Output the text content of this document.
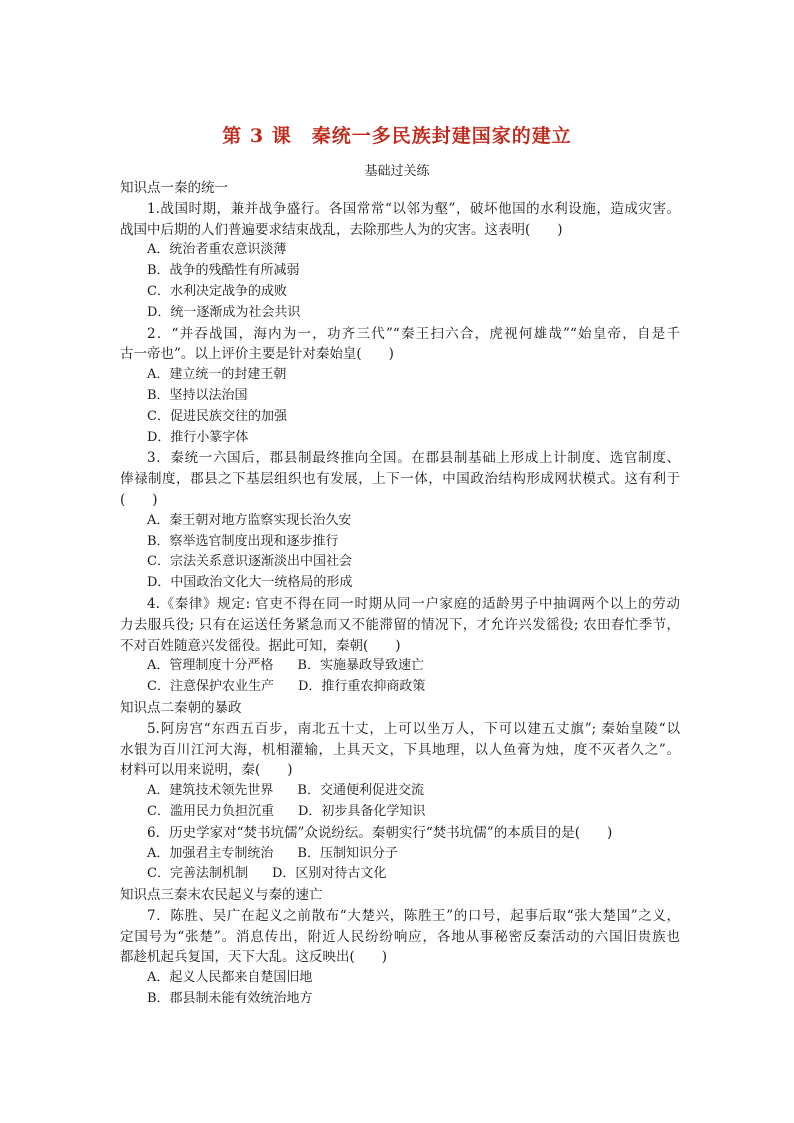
第 3 课　秦统一多民族封建国家的建立
基础过关练
知识点一秦的统一
1.战国时期，兼并战争盛行。各国常常“以邻为壑”，破坏他国的水利设施，造成灾害。
战国中后期的人们普遍要求结束战乱，去除那些人为的灾害。这表明(　　)
A．统治者重农意识淡薄
B．战争的残酷性有所减弱
C．水利决定战争的成败
D．统一逐渐成为社会共识
2．“并吞战国，海内为一，功齐三代”“秦王扫六合，虎视何雄哉”“始皇帝，自是千
古一帝也”。以上评价主要是针对秦始皇(　　)
A．建立统一的封建王朝
B．坚持以法治国
C．促进民族交往的加强
D．推行小篆字体
3．秦统一六国后，郡县制最终推向全国。在郡县制基础上形成上计制度、选官制度、
俸禄制度，郡县之下基层组织也有发展，上下一体，中国政治结构形成网状模式。这有利于
(　　)
A．秦王朝对地方监察实现长治久安
B．察举选官制度出现和逐步推行
C．宗法关系意识逐渐淡出中国社会
D．中国政治文化大一统格局的形成
4.《秦律》规定: 官吏不得在同一时期从同一户家庭的适龄男子中抽调两个以上的劳动
力去服兵役; 只有在运送任务紧急而又不能滞留的情况下，才允许兴发徭役; 农田春忙季节，
不对百姓随意兴发徭役。据此可知，秦朝(　　)
A．管理制度十分严格 B．实施暴政导致速亡
C．注意保护农业生产 D．推行重农抑商政策
知识点二秦朝的暴政
5.阿房宫“东西五百步，南北五十丈，上可以坐万人，下可以建五丈旗”; 秦始皇陵“以
水银为百川江河大海，机相灌输，上具天文，下具地理，以人鱼膏为烛，度不灭者久之”。
材料可以用来说明，秦(　　)
A．建筑技术领先世界 B．交通便利促进交流
C．滥用民力负担沉重 D．初步具备化学知识
6．历史学家对“焚书坑儒”众说纷纭。秦朝实行“焚书坑儒”的本质目的是(　　)
A．加强君主专制统治 B．压制知识分子
C．完善法制机制 D．区别对待古文化
知识点三秦末农民起义与秦的速亡
7．陈胜、吴广在起义之前散布“大楚兴，陈胜王”的口号，起事后取“张大楚国”之义，
定国号为“张楚”。消息传出，附近人民纷纷响应，各地从事秘密反秦活动的六国旧贵族也
都趁机起兵复国，天下大乱。这反映出(　　)
A．起义人民都来自楚国旧地
B．郡县制未能有效统治地方
